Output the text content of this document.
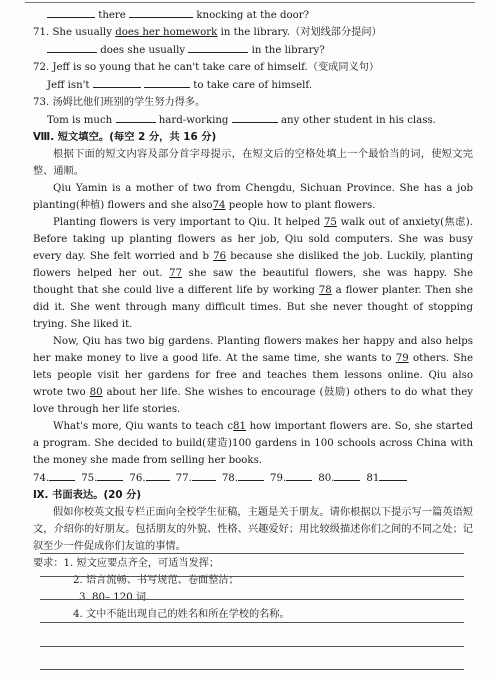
there	knocking at the door?
71. She usually does her homework in the library.（对划线部分提问）
does she usually	in the library?
72. Jeff is so young that he can't take care of himself.（变成同义句）
Jeff isn't	to take care of himself.
73. 汤姆比他们班别的学生努力得多。
Tom is much	hard-working	any other student in his class.
Ⅷ. 短文填空。(每空 2 分，共 16 分)
根据下面的短文内容及部分首字母提示，在短文后的空格处填上一个最恰当的词，使短文完整、通顺。
Qiu Yamin is a mother of two from Chengdu, Sichuan Province. She has a job planting(种植) flowers and she also74 people how to plant flowers.
Planting flowers is very important to Qiu. It helped 75 walk out of anxiety(焦虑). Before taking up planting flowers as her job, Qiu sold computers. She was busy every day. She felt worried and b 76 because she disliked the job. Luckily, planting flowers helped her out. 77 she saw the beautiful flowers, she was happy. She thought that she could live a different life by working 78 a flower planter. Then she did it. She went through many difficult times. But she never thought of stopping trying. She liked it.
Now, Qiu has two big gardens. Planting flowers makes her happy and also helps her make money to live a good life. At the same time, she wants to 79 others. She lets people visit her gardens for free and teaches them lessons online. Qiu also wrote two 80 about her life. She wishes to encourage (鼓励) others to do what they love through her life stories.
What's more, Qiu wants to teach c81 how important flowers are. So, she started a program. She decided to build(建造)100 gardens in 100 schools across China with the money she made from selling her books.
74.	75.	76.	77.	78.	79.	80.	81
Ⅸ. 书面表达。(20 分)
假如你校英文报专栏正面向全校学生征稿，主题是关于朋友。请你根据以下提示写一篇英语短文，介绍你的好朋友。包括朋友的外貌、性格、兴趣爱好；用比较级描述你们之间的不同之处；记叙至少一件促成你们友谊的事情。
要求：1. 短文应要点齐全，可适当发挥；
2. 语言流畅、书写规范、卷面整洁；
3. 80– 120 词.
4. 文中不能出现自己的姓名和所在学校的名称。
